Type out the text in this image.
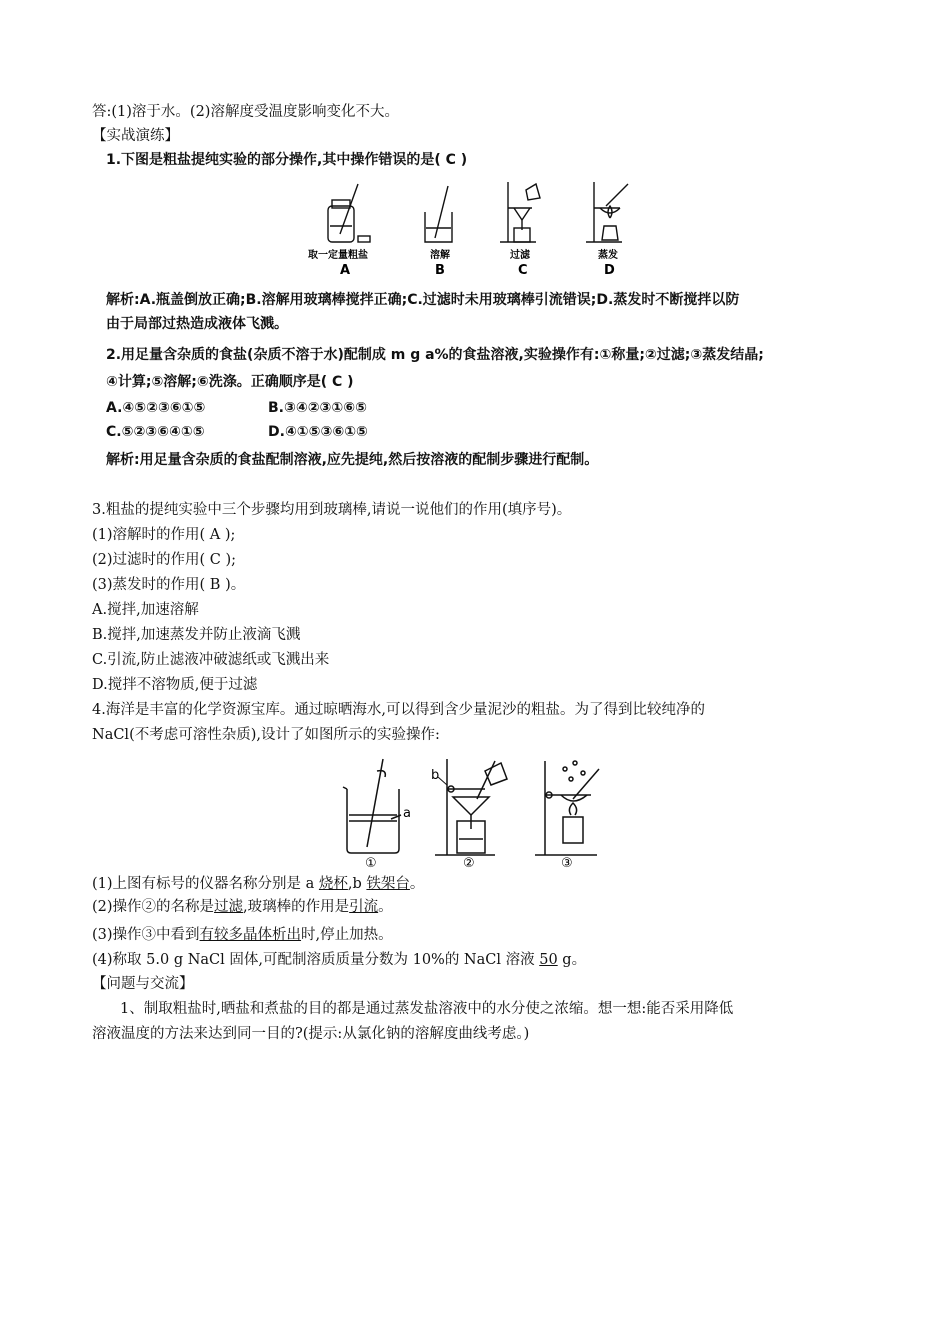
答:(1)溶于水。(2)溶解度受温度影响变化不大。
【实战演练】
1.下图是粗盐提纯实验的部分操作,其中操作错误的是( C )
取一定量粗盐	溶解	过滤	蒸发
A	B	C	D
解析:A.瓶盖倒放正确;B.溶解用玻璃棒搅拌正确;C.过滤时未用玻璃棒引流错误;D.蒸发时不断搅拌以防
由于局部过热造成液体飞溅。
2.用足量含杂质的食盐(杂质不溶于水)配制成 m g a%的食盐溶液,实验操作有:①称量;②过滤;③蒸发结晶;
④计算;⑤溶解;⑥洗涤。正确顺序是( C )
A.④⑤②③⑥①⑤	B.③④②③①⑥⑤
C.⑤②③⑥④①⑤	D.④①⑤③⑥①⑤
解析:用足量含杂质的食盐配制溶液,应先提纯,然后按溶液的配制步骤进行配制。
3.粗盐的提纯实验中三个步骤均用到玻璃棒,请说一说他们的作用(填序号)。
(1)溶解时的作用( A );
(2)过滤时的作用( C );
(3)蒸发时的作用( B )。
A.搅拌,加速溶解
B.搅拌,加速蒸发并防止液滴飞溅
C.引流,防止滤液冲破滤纸或飞溅出来
D.搅拌不溶物质,便于过滤
4.海洋是丰富的化学资源宝库。通过晾晒海水,可以得到含少量泥沙的粗盐。为了得到比较纯净的
NaCl(不考虑可溶性杂质),设计了如图所示的实验操作:
a
b
①	②	③
(1)上图有标号的仪器名称分别是 a 烧杯,b 铁架台。
(2)操作②的名称是过滤,玻璃棒的作用是引流。
(3)操作③中看到有较多晶体析出时,停止加热。
(4)称取 5.0 g NaCl 固体,可配制溶质质量分数为 10%的 NaCl 溶液 50 g。
【问题与交流】
1、制取粗盐时,晒盐和煮盐的目的都是通过蒸发盐溶液中的水分使之浓缩。想一想:能否采用降低
溶液温度的方法来达到同一目的?(提示:从氯化钠的溶解度曲线考虑。)
